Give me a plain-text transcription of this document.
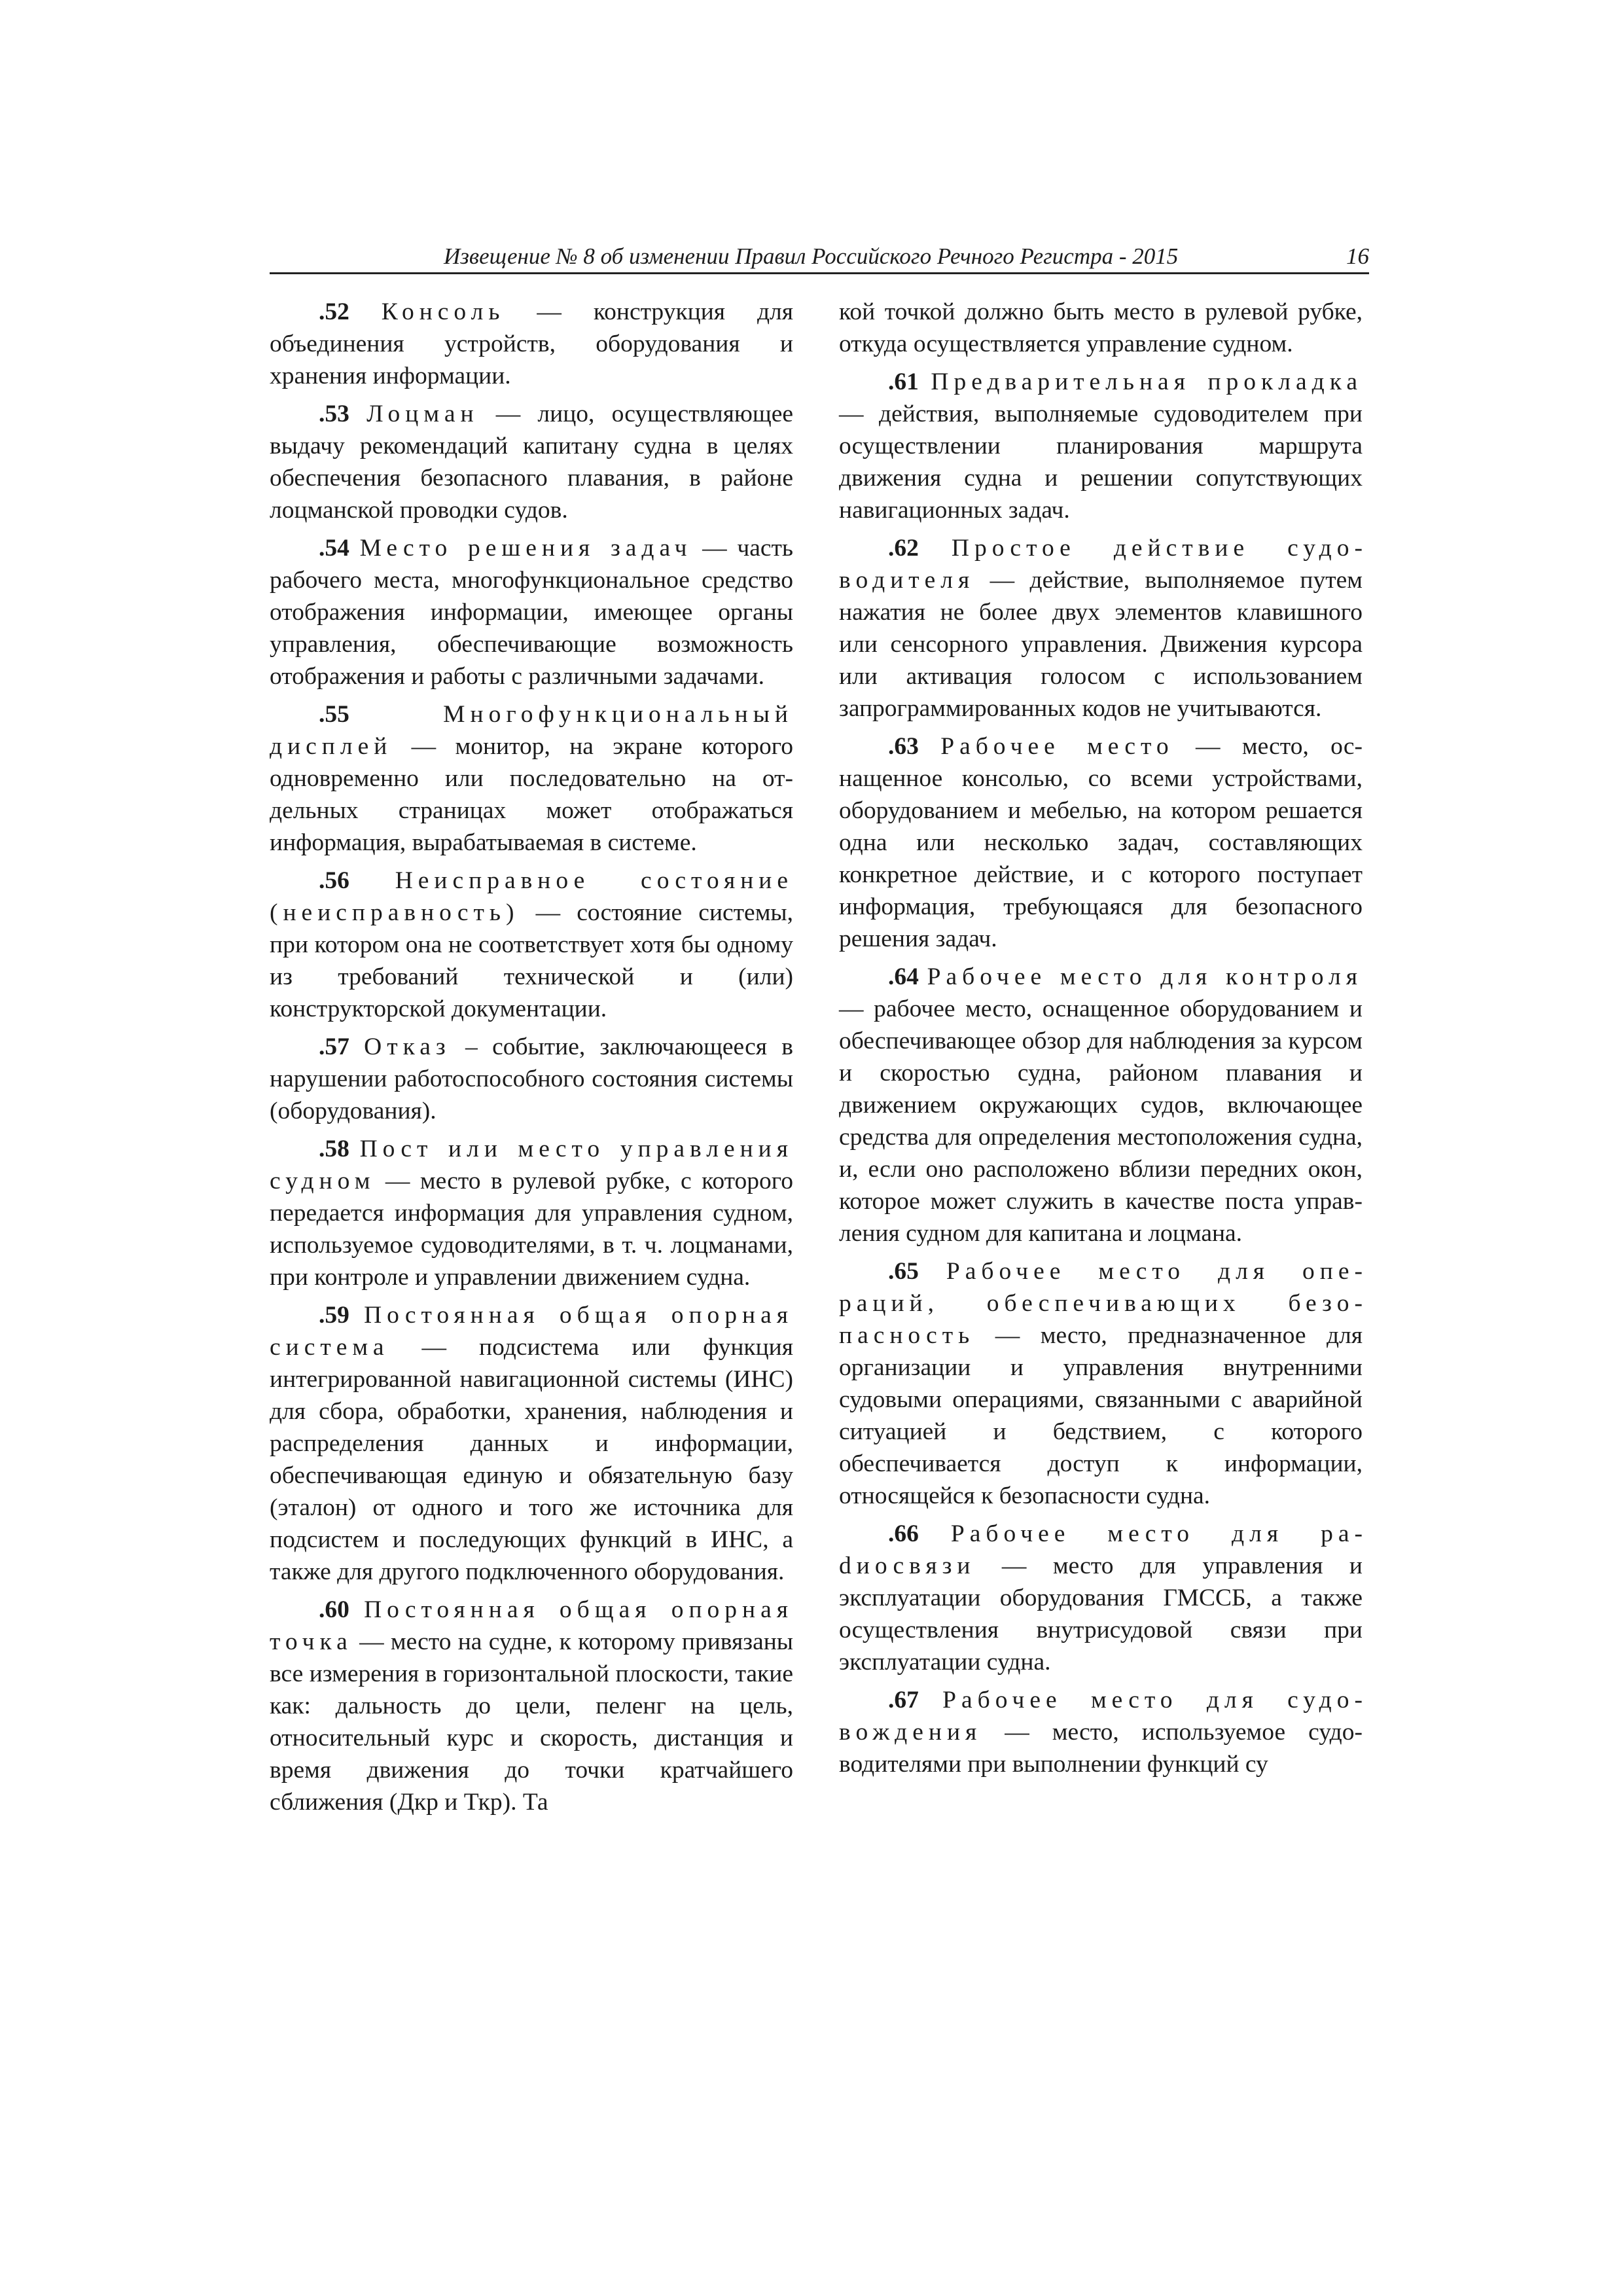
Извещение № 8 об изменении Правил Российского Речного Регистра - 2015	16

.52 Консоль — конструкция для объединения устройств, оборудования и хранения информации.

.53 Лоцман — лицо, осуществляющее выдачу рекомендаций капитану судна в целях обеспечения безопасного плавания, в районе лоцманской проводки судов.

.54 Место решения задач — часть рабочего места, многофункциональное средство отображения информации, имеющее органы управления, обеспечивающие возможность отображения и работы с различными задачами.

.55	Многофункциональный дисплей — монитор, на экране которого одновременно или последовательно на отдельных страницах может отображаться информация, вырабатываемая в системе.

.56 Неисправное состояние (неисправность) — состояние системы, при котором она не соответствует хотя бы одному из требований технической и (или) конструкторской документации.

.57 Отказ – событие, заключающееся в нарушении работоспособного состояния системы (оборудования).

.58 Пост или место управления судном — место в рулевой рубке, с которого передается информация для управления судном, используемое судоводителями, в т. ч. лоцманами, при контроле и управлении движением судна.

.59 Постоянная общая опорная система — подсистема или функция интегрированной навигационной системы (ИНС) для сбора, обработки, хранения, наблюдения и распределения данных и информации, обеспечивающая единую и обязательную базу (эталон) от одного и того же источника для подсистем и последующих функций в ИНС, а также для другого подключенного оборудования.

.60 Постоянная общая опорная точка — место на судне, к которому привязаны все измерения в горизонтальной плоскости, такие как: дальность до цели, пеленг на цель, относительный курс и скорость, дистанция и время движения до точки кратчайшего сближения (Дкр и Ткр). Та

кой точкой должно быть место в рулевой рубке, откуда осуществляется управление судном.

.61 Предварительная прокладка — действия, выполняемые судоводителем при осуществлении планирования маршрута движения судна и решении сопутствующих навигационных задач.

.62 Простое действие судоводителя — действие, выполняемое путем нажатия не более двух элементов клавишного или сенсорного управления. Движения курсора или активация голосом с использованием запрограммированных кодов не учитываются.

.63 Рабочее место — место, оснащенное консолью, со всеми устройствами, оборудованием и мебелью, на котором решается одна или несколько задач, составляющих конкретное действие, и с которого поступает информация, требующаяся для безопасного решения задач.

.64 Рабочее место для контроля — рабочее место, оснащенное оборудованием и обеспечивающее обзор для наблюдения за курсом и скоростью судна, районом плавания и движением окружающих судов, включающее средства для определения местоположения судна, и, если оно расположено вблизи передних окон, которое может служить в качестве поста управления судном для капитана и лоцмана.

.65 Рабочее место для операций, обеспечивающих безопасность — место, предназначенное для организации и управления внутренними судовыми операциями, связанными с аварийной ситуацией и бедствием, с которого обеспечивается доступ к информации, относящейся к безопасности судна.

.66 Рабочее место для раdиосвязи — место для управления и эксплуатации оборудования ГМССБ, а также осуществления внутрисудовой связи при эксплуатации судна.

.67 Рабочее место для судовождения — место, используемое судоводителями при выполнении функций су
